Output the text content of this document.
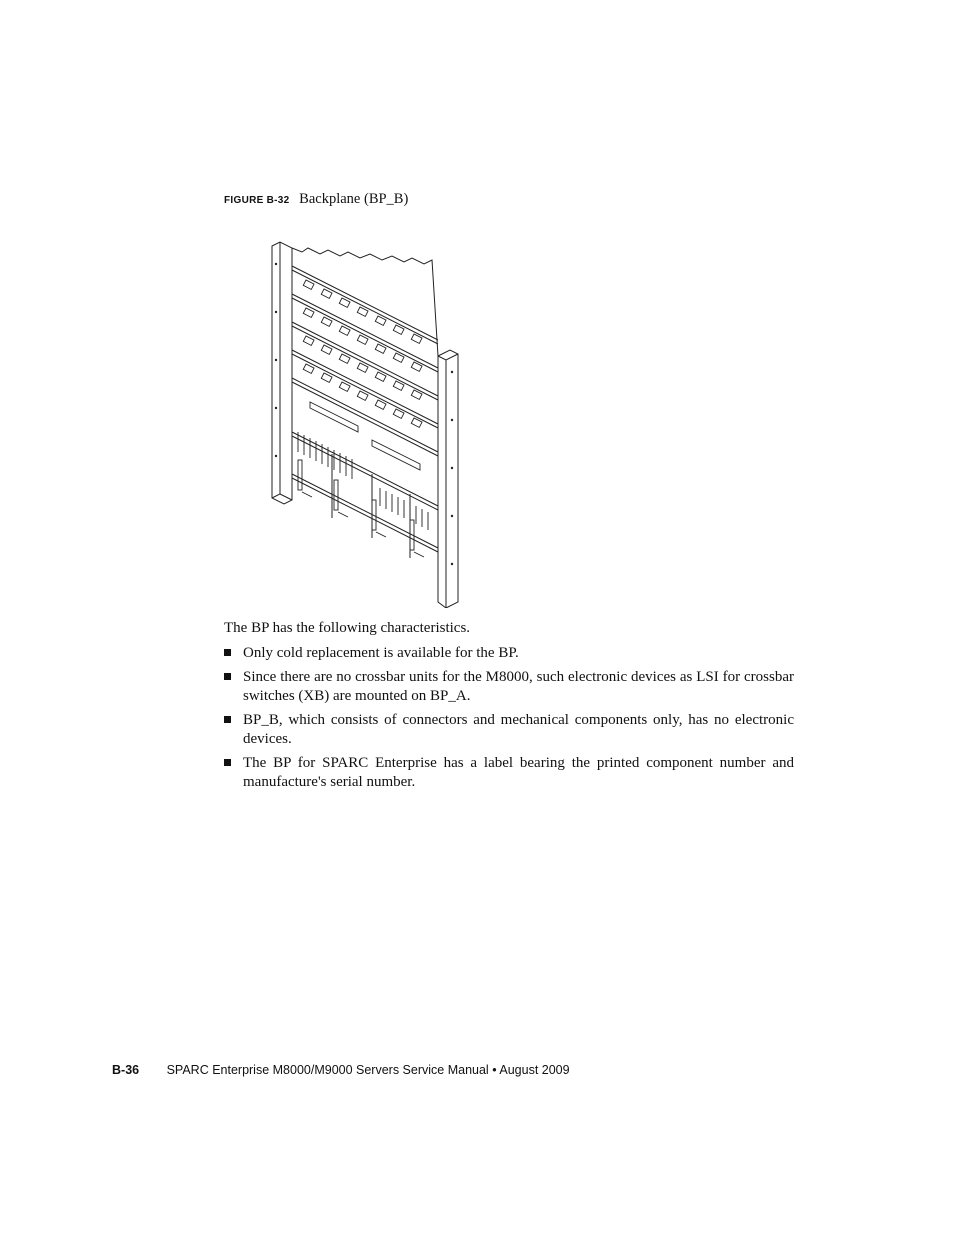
FIGURE B-32 Backplane (BP_B)

The BP has the following characteristics.

Only cold replacement is available for the BP.
Since there are no crossbar units for the M8000, such electronic devices as LSI for crossbar switches (XB) are mounted on BP_A.
BP_B, which consists of connectors and mechanical components only, has no electronic devices.
The BP for SPARC Enterprise has a label bearing the printed component number and manufacture's serial number.
B-36 SPARC Enterprise M8000/M9000 Servers Service Manual • August 2009
